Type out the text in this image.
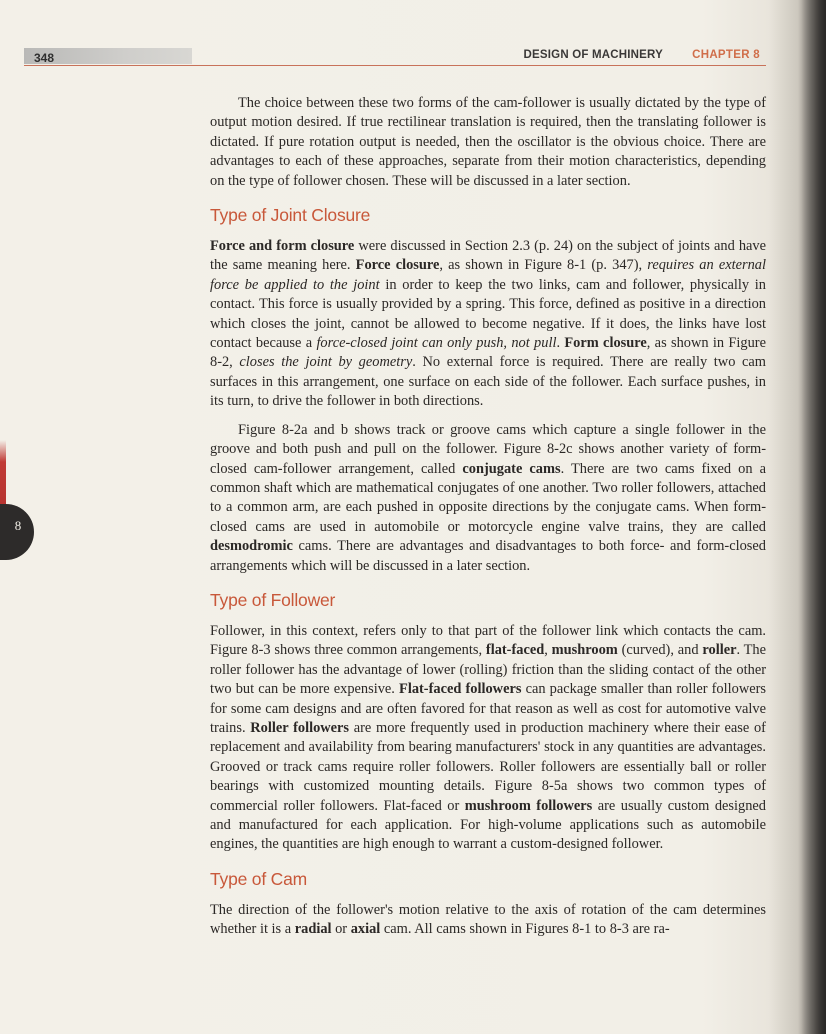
348	DESIGN OF MACHINERY	CHAPTER 8
8

The choice between these two forms of the cam-follower is usually dictated by the type of output motion desired. If true rectilinear translation is required, then the translating follower is dictated. If pure rotation output is needed, then the oscillator is the obvious choice. There are advantages to each of these approaches, separate from their motion characteristics, depending on the type of follower chosen. These will be discussed in a later section.

Type of Joint Closure

Force and form closure were discussed in Section 2.3 (p. 24) on the subject of joints and have the same meaning here. Force closure, as shown in Figure 8-1 (p. 347), requires an external force be applied to the joint in order to keep the two links, cam and follower, physically in contact. This force is usually provided by a spring. This force, defined as positive in a direction which closes the joint, cannot be allowed to become negative. If it does, the links have lost contact because a force-closed joint can only push, not pull. Form closure, as shown in Figure 8-2, closes the joint by geometry. No external force is required. There are really two cam surfaces in this arrangement, one surface on each side of the follower. Each surface pushes, in its turn, to drive the follower in both directions.

Figure 8-2a and b shows track or groove cams which capture a single follower in the groove and both push and pull on the follower. Figure 8-2c shows another variety of form-closed cam-follower arrangement, called conjugate cams. There are two cams fixed on a common shaft which are mathematical conjugates of one another. Two roller followers, attached to a common arm, are each pushed in opposite directions by the conjugate cams. When form-closed cams are used in automobile or motorcycle engine valve trains, they are called desmodromic cams. There are advantages and disadvantages to both force- and form-closed arrangements which will be discussed in a later section.

Type of Follower

Follower, in this context, refers only to that part of the follower link which contacts the cam. Figure 8-3 shows three common arrangements, flat-faced, mushroom (curved), and roller. The roller follower has the advantage of lower (rolling) friction than the sliding contact of the other two but can be more expensive. Flat-faced followers can package smaller than roller followers for some cam designs and are often favored for that reason as well as cost for automotive valve trains. Roller followers are more frequently used in production machinery where their ease of replacement and availability from bearing manufacturers' stock in any quantities are advantages. Grooved or track cams require roller followers. Roller followers are essentially ball or roller bearings with customized mounting details. Figure 8-5a shows two common types of commercial roller followers. Flat-faced or mushroom followers are usually custom designed and manufactured for each application. For high-volume applications such as automobile engines, the quantities are high enough to warrant a custom-designed follower.

Type of Cam

The direction of the follower's motion relative to the axis of rotation of the cam determines whether it is a radial or axial cam. All cams shown in Figures 8-1 to 8-3 are ra-
